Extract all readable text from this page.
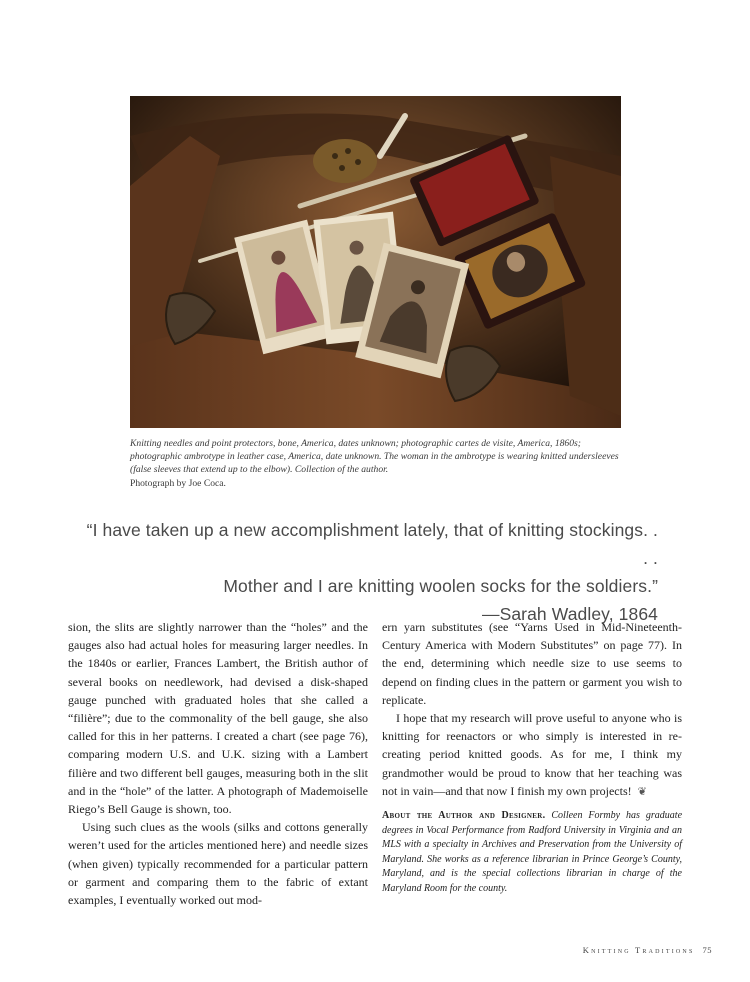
Knitting needles and point protectors, bone, America, dates unknown; photographic cartes de visite, America, 1860s; photographic ambrotype in leather case, America, date unknown. The woman in the ambrotype is wearing knitted undersleeves (false sleeves that extend up to the elbow). Collection of the author.
Photograph by Joe Coca.
“I have taken up a new accomplishment lately, that of knitting stockings. . . .
Mother and I are knitting woolen socks for the soldiers.”
—Sarah Wadley, 1864

sion, the slits are slightly narrower than the “holes” and the gauges also had actual holes for measuring larger needles. In the 1840s or earlier, Frances Lambert, the British author of several books on needlework, had devised a disk-shaped gauge punched with graduated holes that she called a “filière”; due to the commonality of the bell gauge, she also called for this in her patterns. I created a chart (see page 76), comparing modern U.S. and U.K. sizing with a Lambert filière and two different bell gauges, measuring both in the slit and in the “hole” of the latter. A photograph of Mademoiselle Riego’s Bell Gauge is shown, too.

Using such clues as the wools (silks and cottons generally weren’t used for the articles mentioned here) and needle sizes (when given) typically recommended for a particular pattern or garment and comparing them to the fabric of extant examples, I eventually worked out mod-

ern yarn substitutes (see “Yarns Used in Mid-Nineteenth-Century America with Modern Substitutes” on page 77). In the end, determining which needle size to use seems to depend on finding clues in the pattern or garment you wish to replicate.

I hope that my research will prove useful to anyone who is knitting for reenactors or who simply is interested in re-creating period knitted goods. As for me, I think my grandmother would be proud to know that her teaching was not in vain—and that now I finish my own projects! ❦

About the Author and Designer. Colleen Formby has graduate degrees in Vocal Performance from Radford University in Virginia and an MLS with a specialty in Archives and Preservation from the University of Maryland. She works as a reference librarian in Prince George’s County, Maryland, and is the special collections librarian in charge of the Maryland Room for the county.

Knitting Traditions 75
